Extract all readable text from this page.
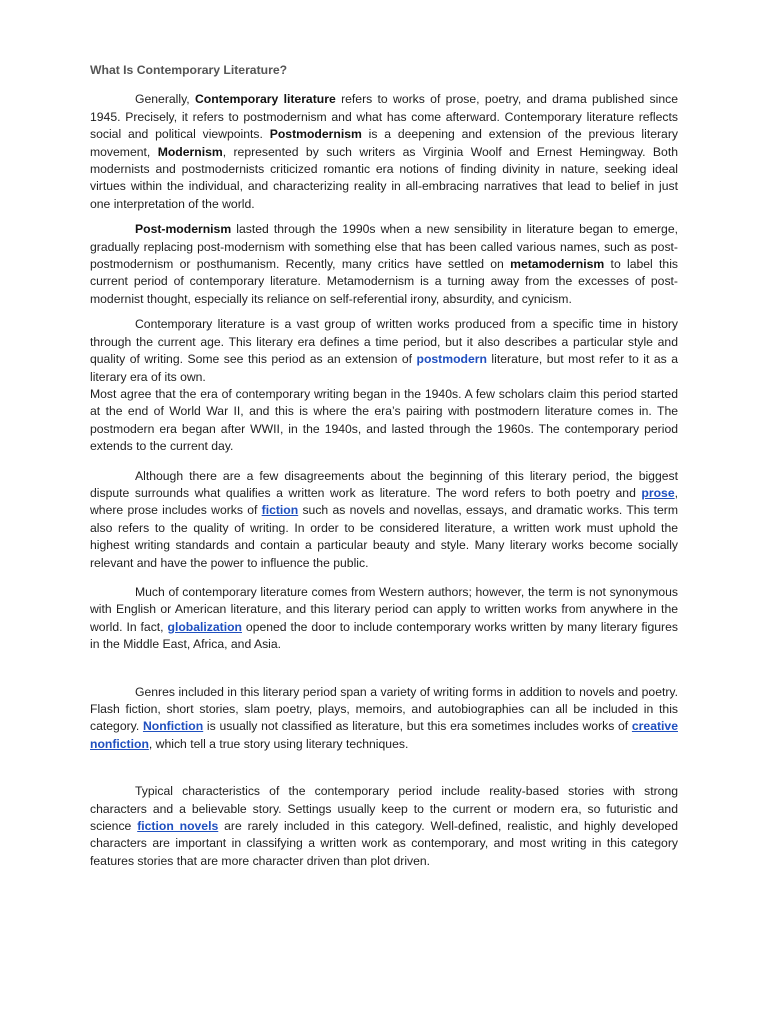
What Is Contemporary Literature?

Generally, Contemporary literature refers to works of prose, poetry, and drama published since 1945. Precisely, it refers to postmodernism and what has come afterward. Contemporary literature reflects social and political viewpoints. Postmodernism is a deepening and extension of the previous literary movement, Modernism, represented by such writers as Virginia Woolf and Ernest Hemingway. Both modernists and postmodernists criticized romantic era notions of finding divinity in nature, seeking ideal virtues within the individual, and characterizing reality in all-embracing narratives that lead to belief in just one interpretation of the world.

Post-modernism lasted through the 1990s when a new sensibility in literature began to emerge, gradually replacing post-modernism with something else that has been called various names, such as post-postmodernism or posthumanism. Recently, many critics have settled on metamodernism to label this current period of contemporary literature. Metamodernism is a turning away from the excesses of post-modernist thought, especially its reliance on self-referential irony, absurdity, and cynicism.

Contemporary literature is a vast group of written works produced from a specific time in history through the current age. This literary era defines a time period, but it also describes a particular style and quality of writing. Some see this period as an extension of postmodern literature, but most refer to it as a literary era of its own.

Most agree that the era of contemporary writing began in the 1940s. A few scholars claim this period started at the end of World War II, and this is where the era’s pairing with postmodern literature comes in. The postmodern era began after WWII, in the 1940s, and lasted through the 1960s. The contemporary period extends to the current day.

Although there are a few disagreements about the beginning of this literary period, the biggest dispute surrounds what qualifies a written work as literature. The word refers to both poetry and prose, where prose includes works of fiction such as novels and novellas, essays, and dramatic works. This term also refers to the quality of writing. In order to be considered literature, a written work must uphold the highest writing standards and contain a particular beauty and style. Many literary works become socially relevant and have the power to influence the public.

Much of contemporary literature comes from Western authors; however, the term is not synonymous with English or American literature, and this literary period can apply to written works from anywhere in the world. In fact, globalization opened the door to include contemporary works written by many literary figures in the Middle East, Africa, and Asia.

Genres included in this literary period span a variety of writing forms in addition to novels and poetry. Flash fiction, short stories, slam poetry, plays, memoirs, and autobiographies can all be included in this category. Nonfiction is usually not classified as literature, but this era sometimes includes works of creative nonfiction, which tell a true story using literary techniques.

Typical characteristics of the contemporary period include reality-based stories with strong characters and a believable story. Settings usually keep to the current or modern era, so futuristic and science fiction novels are rarely included in this category. Well-defined, realistic, and highly developed characters are important in classifying a written work as contemporary, and most writing in this category features stories that are more character driven than plot driven.
